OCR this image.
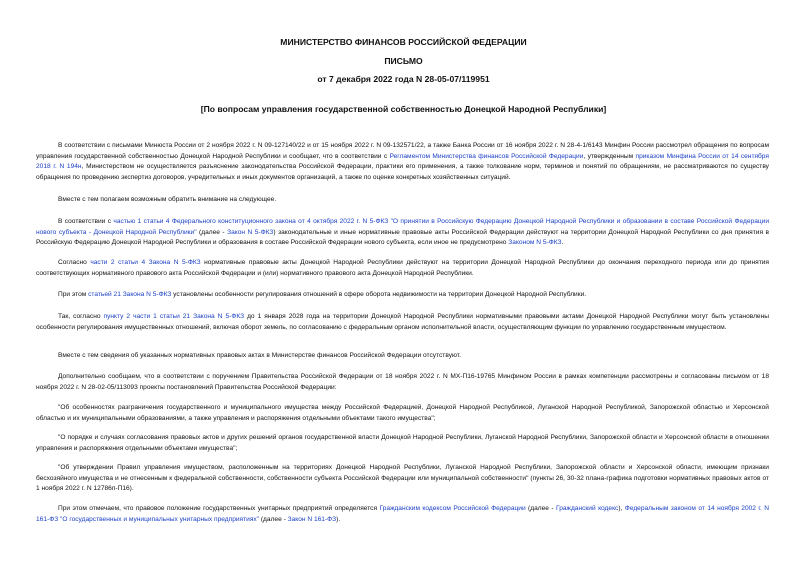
МИНИСТЕРСТВО ФИНАНСОВ РОССИЙСКОЙ ФЕДЕРАЦИИ
ПИСЬМО
от 7 декабря 2022 года N 28-05-07/119951
[По вопросам управления государственной собственностью Донецкой Народной Республики]
В соответствии с письмами Минюста России от 2 ноября 2022 г. N 09-127140/22 и от 15 ноября 2022 г. N 09-132571/22, а также Банка России от 16 ноября 2022 г. N 28-4-1/6143 Минфин России рассмотрел обращения по вопросам управления государственной собственностью Донецкой Народной Республики и сообщает, что в соответствии с Регламентом Министерства финансов Российской Федерации, утвержденным приказом Минфина России от 14 сентября 2018 г. N 194н, Министерством не осуществляется разъяснение законодательства Российской Федерации, практики его применения, а также толкование норм, терминов и понятий по обращениям, не рассматриваются по существу обращения по проведению экспертиз договоров, учредительных и иных документов организаций, а также по оценке конкретных хозяйственных ситуаций.
Вместе с тем полагаем возможным обратить внимание на следующее.
В соответствии с частью 1 статьи 4 Федерального конституционного закона от 4 октября 2022 г. N 5-ФКЗ "О принятии в Российскую Федерацию Донецкой Народной Республики и образовании в составе Российской Федерации нового субъекта - Донецкой Народной Республики" (далее - Закон N 5-ФКЗ) законодательные и иные нормативные правовые акты Российской Федерации действуют на территории Донецкой Народной Республики со дня принятия в Российскую Федерацию Донецкой Народной Республики и образования в составе Российской Федерации нового субъекта, если иное не предусмотрено Законом N 5-ФКЗ.
Согласно части 2 статьи 4 Закона N 5-ФКЗ нормативные правовые акты Донецкой Народной Республики действуют на территории Донецкой Народной Республики до окончания переходного периода или до принятия соответствующих нормативного правового акта Российской Федерации и (или) нормативного правового акта Донецкой Народной Республики.
При этом статьей 21 Закона N 5-ФКЗ установлены особенности регулирования отношений в сфере оборота недвижимости на территории Донецкой Народной Республики.
Так, согласно пункту 2 части 1 статьи 21 Закона N 5-ФКЗ до 1 января 2028 года на территории Донецкой Народной Республики нормативными правовыми актами Донецкой Народной Республики могут быть установлены особенности регулирования имущественных отношений, включая оборот земель, по согласованию с федеральным органом исполнительной власти, осуществляющим функции по управлению государственным имуществом.
Вместе с тем сведения об указанных нормативных правовых актах в Министерстве финансов Российской Федерации отсутствуют.
Дополнительно сообщаем, что в соответствии с поручением Правительства Российской Федерации от 18 ноября 2022 г. N МХ-П16-19765 Минфином России в рамках компетенции рассмотрены и согласованы письмом от 18 ноября 2022 г. N 28-02-05/113093 проекты постановлений Правительства Российской Федерации:
"Об особенностях разграничения государственного и муниципального имущества между Российской Федерацией, Донецкой Народной Республикой, Луганской Народной Республикой, Запорожской областью и Херсонской областью и их муниципальными образованиями, а также управления и распоряжения отдельными объектами такого имущества";
"О порядке и случаях согласования правовых актов и других решений органов государственной власти Донецкой Народной Республики, Луганской Народной Республики, Запорожской области и Херсонской области в отношении управления и распоряжения отдельными объектами имущества";
"Об утверждении Правил управления имуществом, расположенным на территориях Донецкой Народной Республики, Луганской Народной Республики, Запорожской области и Херсонской области, имеющим признаки бесхозяйного имущества и не отнесенным к федеральной собственности, собственности субъекта Российской Федерации или муниципальной собственности" (пункты 26, 30-32 плана-графика подготовки нормативных правовых актов от 1 ноября 2022 г. N 12786п-П16).
При этом отмечаем, что правовое положение государственных унитарных предприятий определяется Гражданским кодексом Российской Федерации (далее - Гражданский кодекс), Федеральным законом от 14 ноября 2002 г. N 161-ФЗ "О государственных и муниципальных унитарных предприятиях" (далее - Закон N 161-ФЗ).
